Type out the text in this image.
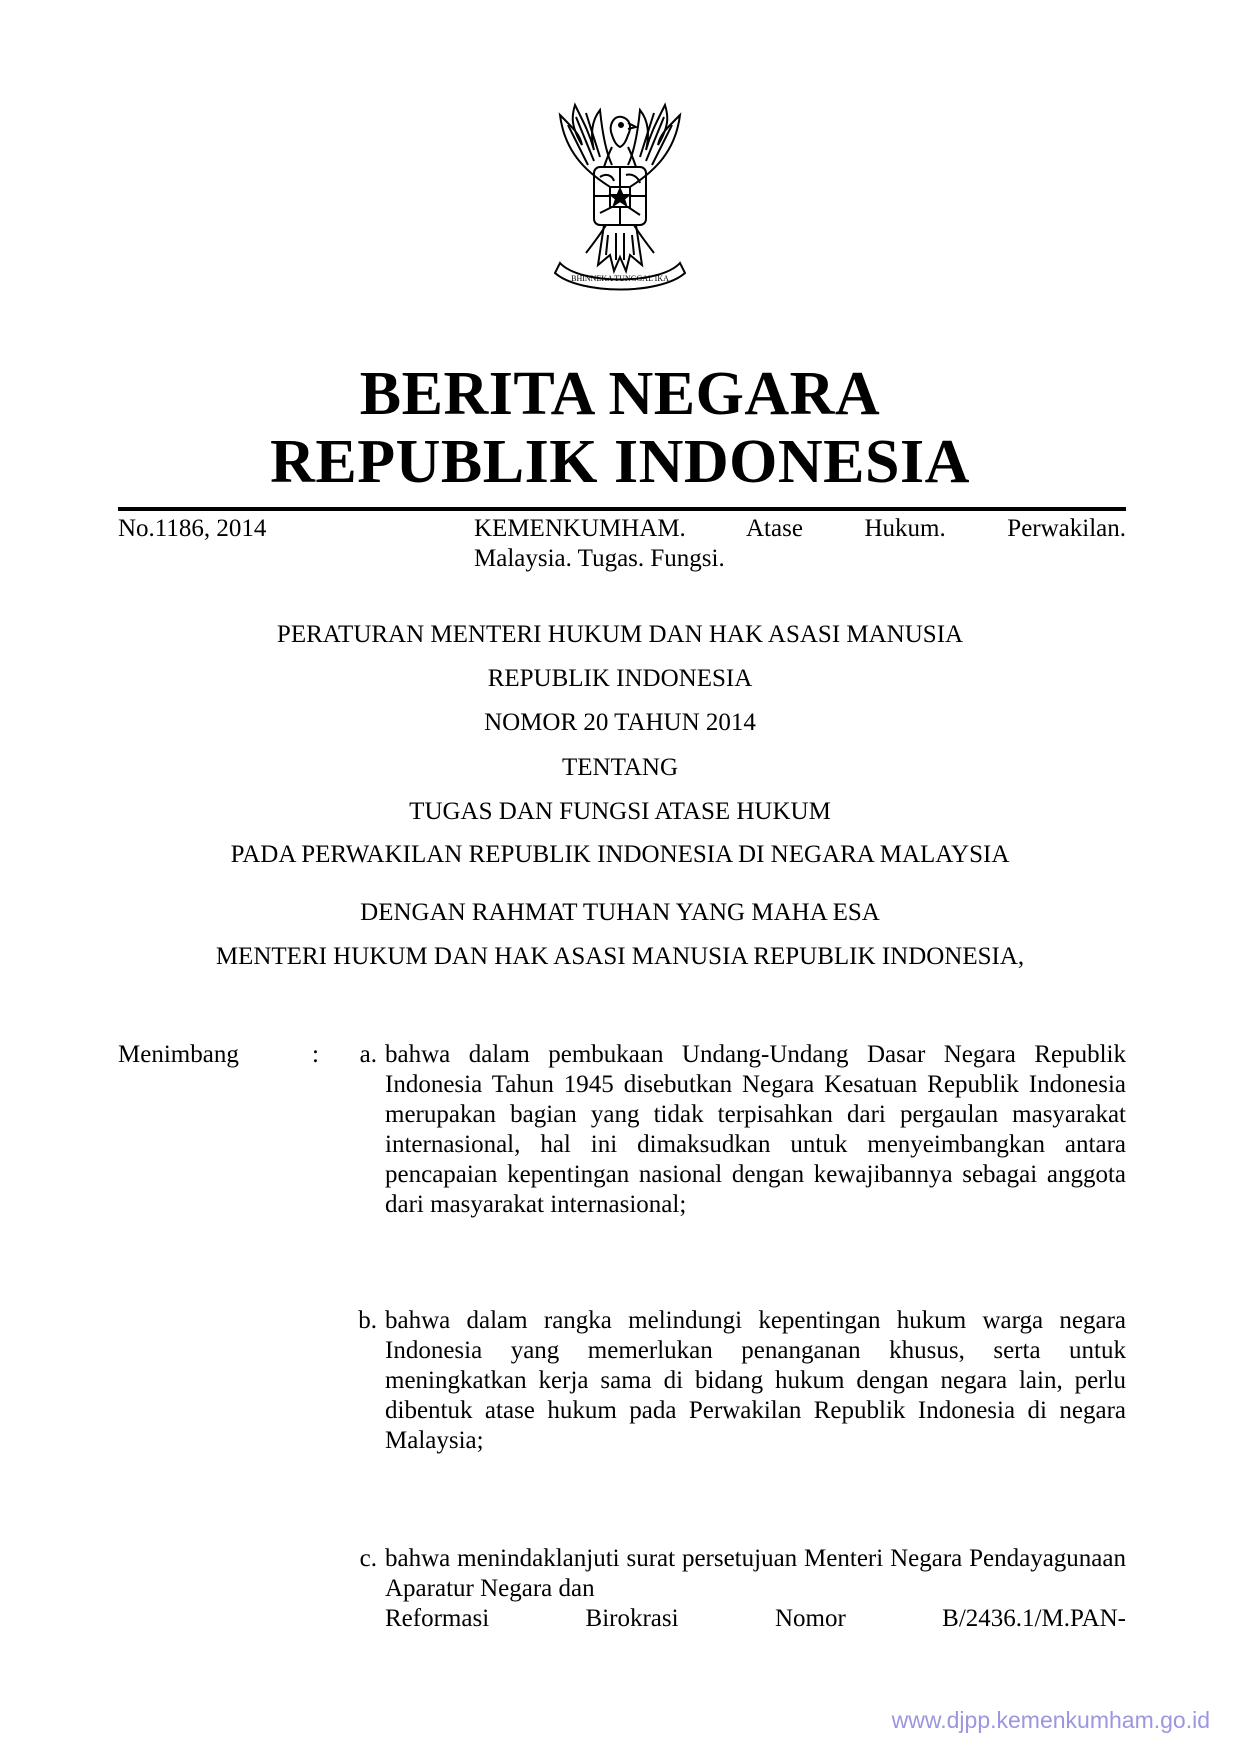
BHINNEKA TUNGGAL IKA
BERITA NEGARA
REPUBLIK INDONESIA
No.1186, 2014	KEMENKUMHAM. Atase Hukum. Perwakilan.
Malaysia. Tugas. Fungsi.
PERATURAN MENTERI HUKUM DAN HAK ASASI MANUSIA
REPUBLIK INDONESIA
NOMOR 20 TAHUN 2014
TENTANG
TUGAS DAN FUNGSI ATASE HUKUM
PADA PERWAKILAN REPUBLIK INDONESIA DI NEGARA MALAYSIA
DENGAN RAHMAT TUHAN YANG MAHA ESA
MENTERI HUKUM DAN HAK ASASI MANUSIA REPUBLIK INDONESIA,
Menimbang	:	a. bahwa dalam pembukaan Undang-Undang Dasar Negara Republik Indonesia Tahun 1945 disebutkan Negara Kesatuan Republik Indonesia merupakan bagian yang tidak terpisahkan dari pergaulan masyarakat internasional, hal ini dimaksudkan untuk menyeimbangkan antara pencapaian kepentingan nasional dengan kewajibannya sebagai anggota dari masyarakat internasional;
b. bahwa dalam rangka melindungi kepentingan hukum warga negara Indonesia yang memerlukan penanganan khusus, serta untuk meningkatkan kerja sama di bidang hukum dengan negara lain, perlu dibentuk atase hukum pada Perwakilan Republik Indonesia di negara Malaysia;
c. bahwa menindaklanjuti surat persetujuan Menteri Negara Pendayagunaan Aparatur Negara dan
Reformasi Birokrasi Nomor B/2436.1/M.PAN-
www.djpp.kemenkumham.go.id
